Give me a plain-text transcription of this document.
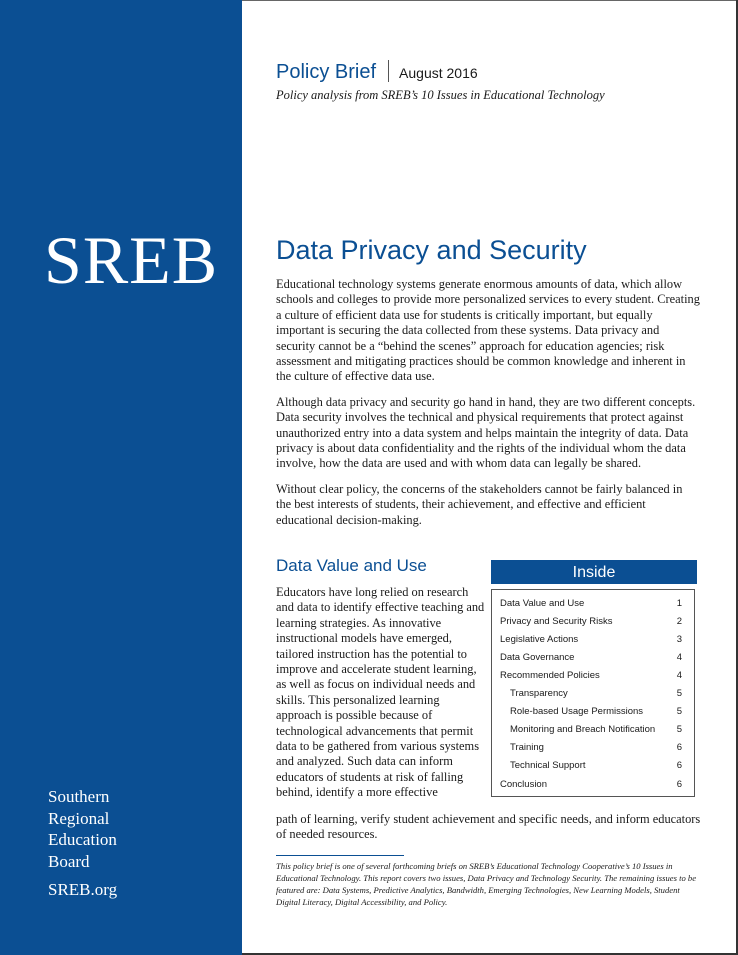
SREB
Southern
Regional
Education
Board
SREB.org
Policy Brief August 2016
Policy analysis from SREB’s 10 Issues in Educational Technology
Data Privacy and Security

Educational technology systems generate enormous amounts of data, which allow schools and colleges to provide more personalized services to every student. Creating a culture of efficient data use for students is critically important, but equally important is securing the data collected from these systems. Data privacy and security cannot be a “behind the scenes” approach for education agencies; risk assessment and mitigating practices should be common knowledge and inherent in the culture of effective data use.

Although data privacy and security go hand in hand, they are two different concepts. Data security involves the technical and physical requirements that protect against unauthorized entry into a data system and helps maintain the integrity of data. Data privacy is about data confidentiality and the rights of the individual whom the data involve, how the data are used and with whom data can legally be shared.

Without clear policy, the concerns of the stakeholders cannot be fairly balanced in the best interests of students, their achievement, and effective and efficient educational decision-making.

Data Value and Use

Educators have long relied on research and data to identify effective teaching and learning strategies. As innovative instructional models have emerged, tailored instruction has the potential to improve and accelerate student learning, as well as focus on individual needs and skills. This personalized learning approach is possible because of technological advancements that permit data to be gathered from various systems and analyzed. Such data can inform educators of students at risk of falling behind, identify a more effective

path of learning, verify student achievement and specific needs, and inform educators of needed resources.

Inside
Data Value and Use	1
Privacy and Security Risks	2
Legislative Actions	3
Data Governance	4
Recommended Policies	4
Transparency	5
Role-based Usage Permissions	5
Monitoring and Breach Notification 5
Training	6
Technical Support	6
Conclusion	6

This policy brief is one of several forthcoming briefs on SREB’s Educational Technology Cooperative’s 10 Issues in Educational Technology. This report covers two issues, Data Privacy and Technology Security. The remaining issues to be featured are: Data Systems, Predictive Analytics, Bandwidth, Emerging Technologies, New Learning Models, Student Digital Literacy, Digital Accessibility, and Policy.
